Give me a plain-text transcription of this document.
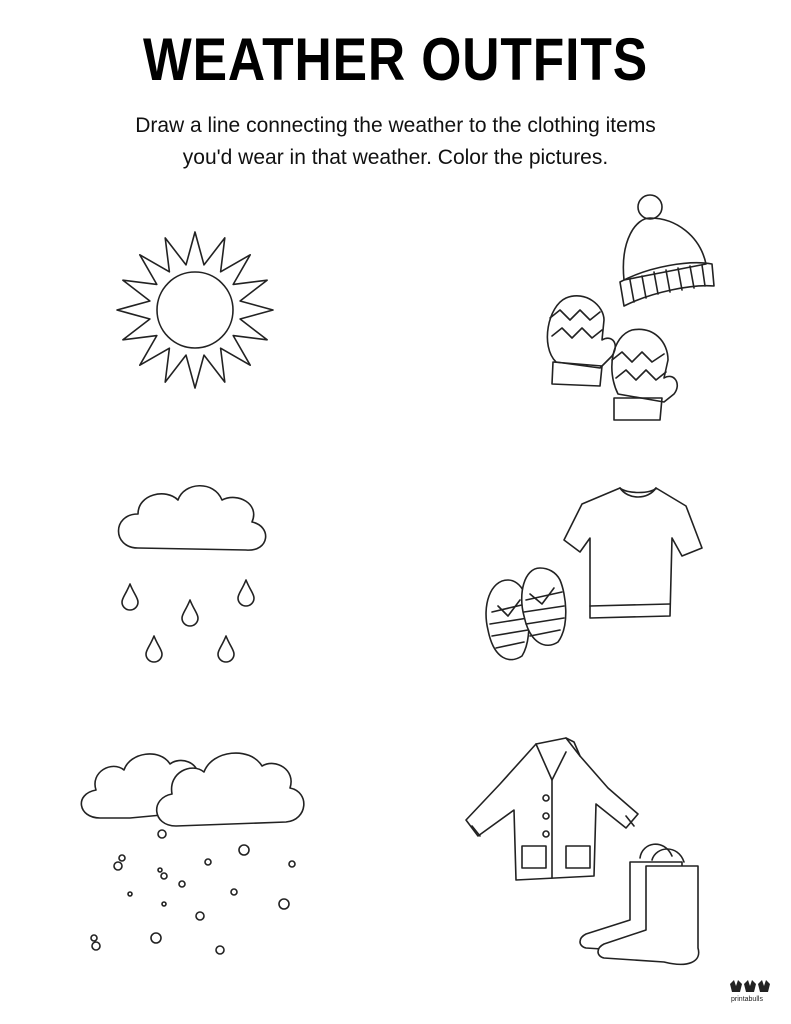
WEATHER OUTFITS
Draw a line connecting the weather to the clothing items
you'd wear in that weather. Color the pictures.
printabulls
